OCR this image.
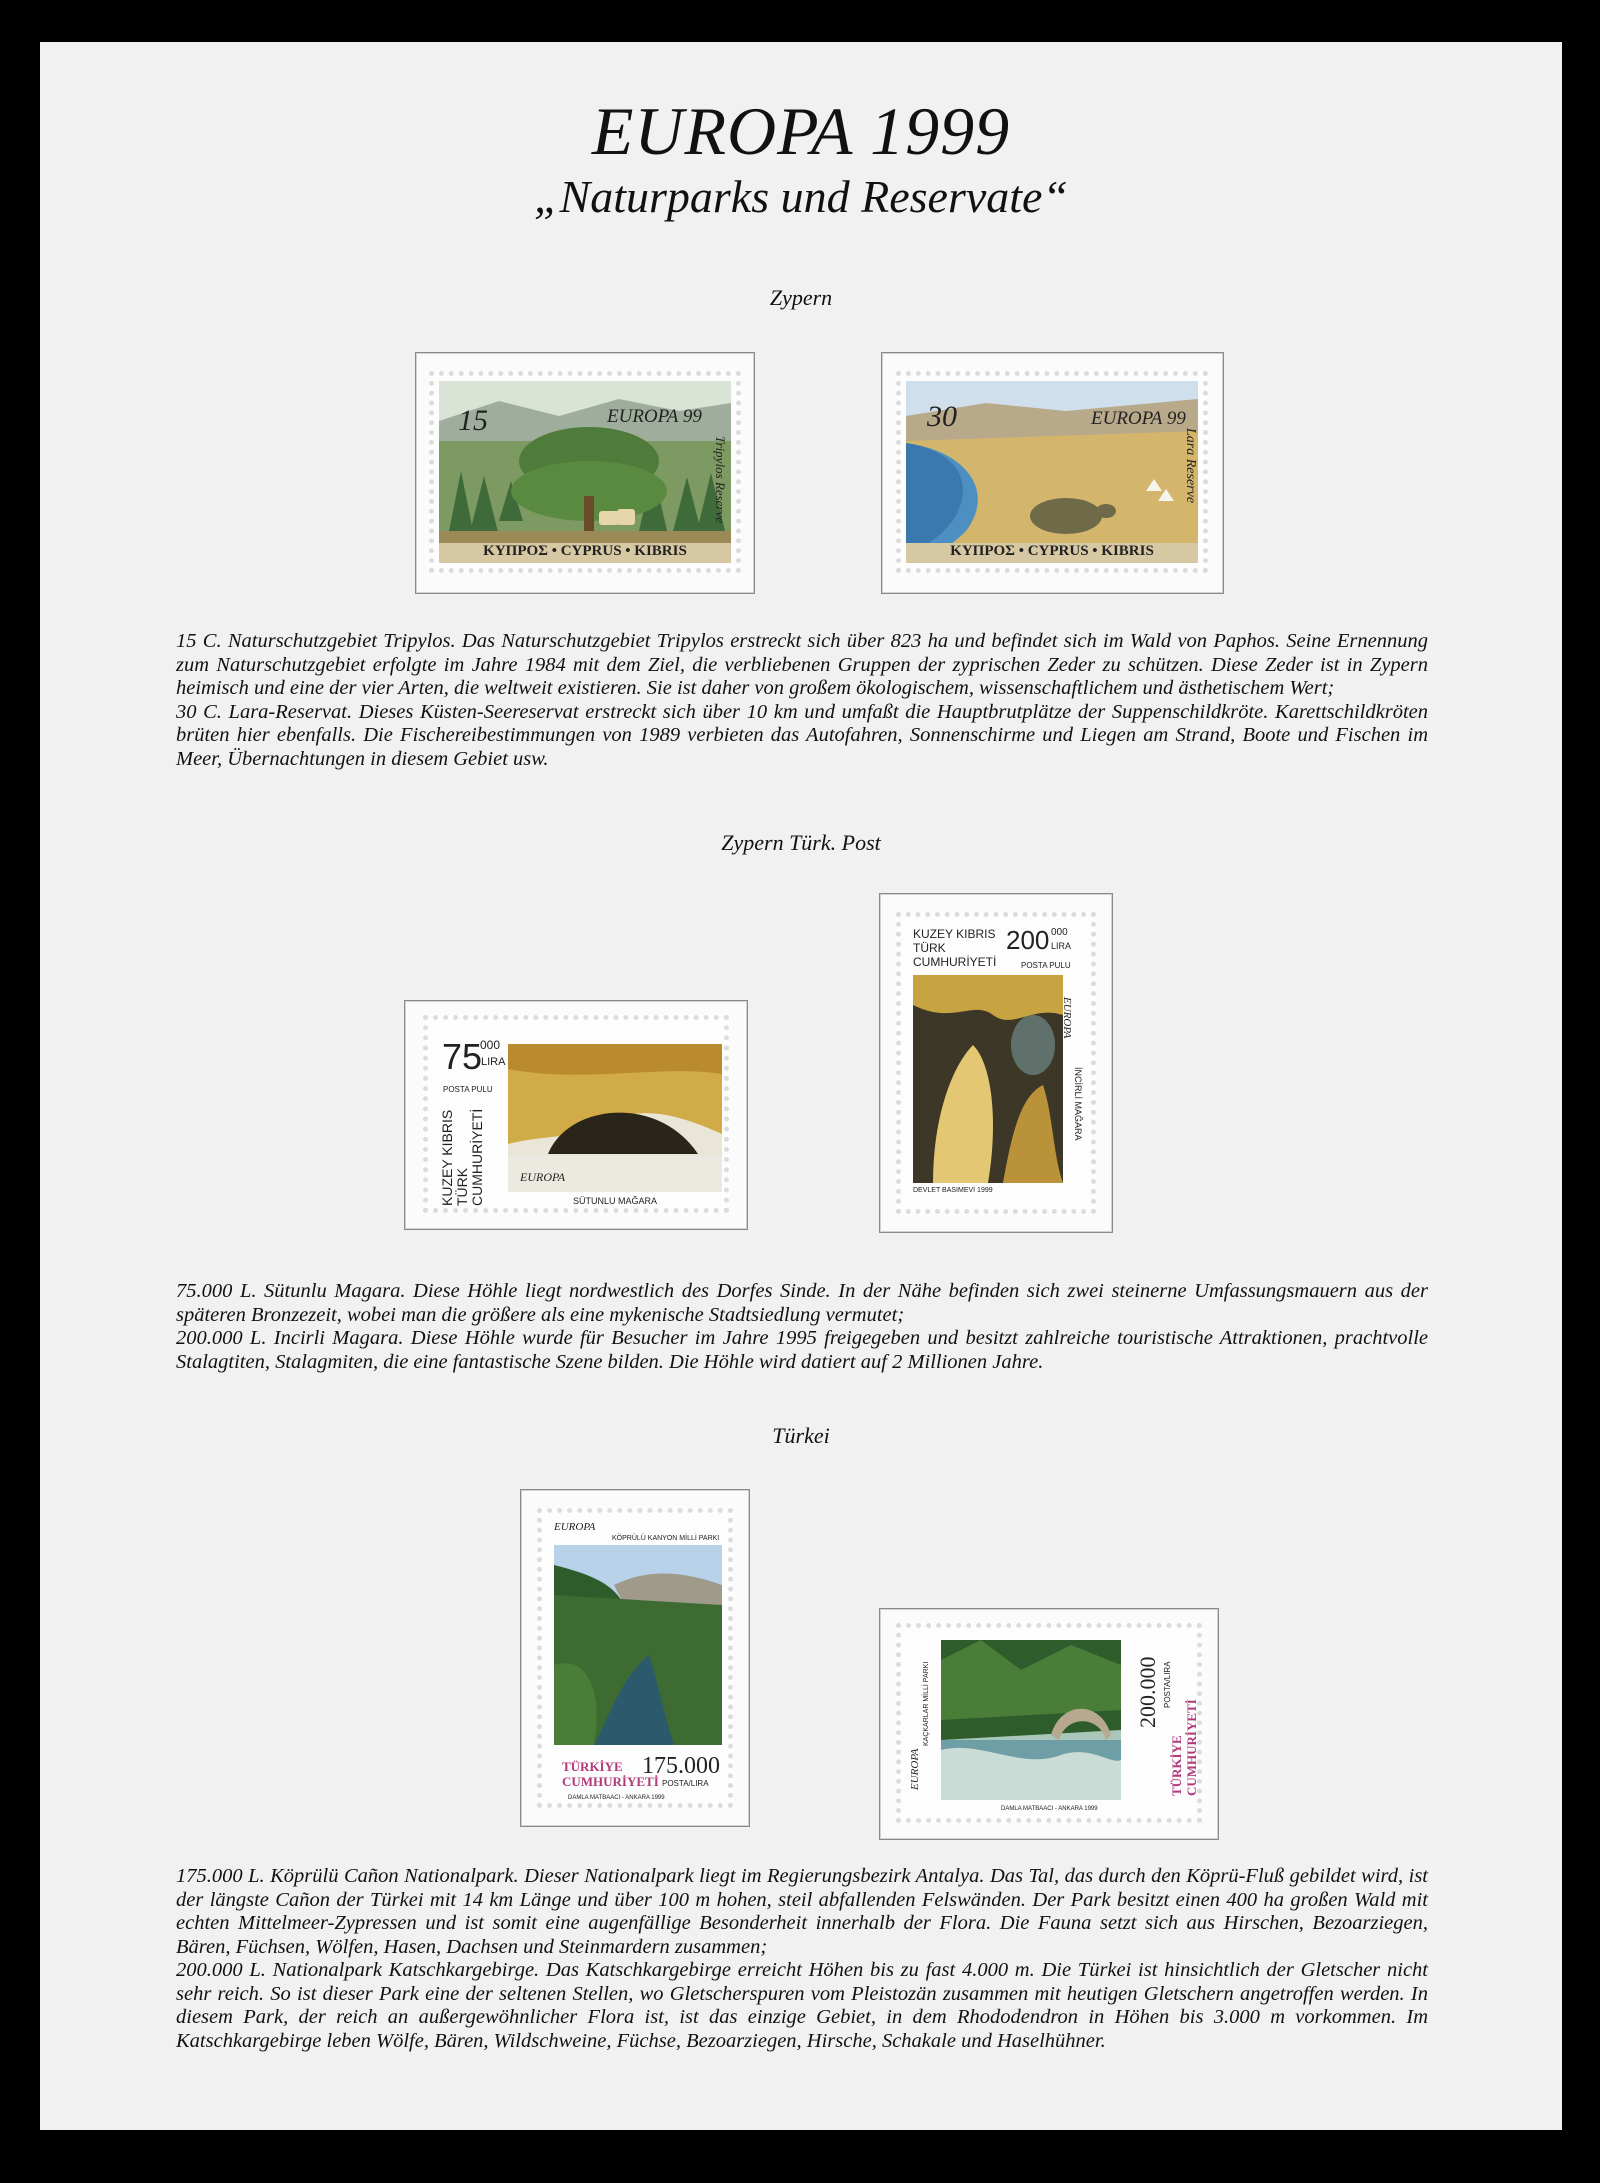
EUROPA 1999
„Naturparks und Reservate“
Zypern
15	EUROPA 99
Tripylos Reserve
ΚΥΠΡΟΣ • CYPRUS • KIBRIS
30	EUROPA 99
Lara Reserve
ΚΥΠΡΟΣ • CYPRUS • KIBRIS
15 C. Naturschutzgebiet Tripylos. Das Naturschutzgebiet Tripylos erstreckt sich über 823 ha und befindet sich im Wald von Paphos. Seine Ernennung zum Naturschutzgebiet erfolgte im Jahre 1984 mit dem Ziel, die verbliebenen Gruppen der zyprischen Zeder zu schützen. Diese Zeder ist in Zypern heimisch und eine der vier Arten, die weltweit existieren. Sie ist daher von großem ökologischem, wissenschaftlichem und ästhetischem Wert;
30 C. Lara-Reservat. Dieses Küsten-Seereservat erstreckt sich über 10 km und umfaßt die Hauptbrutplätze der Suppenschildkröte. Karettschildkröten brüten hier ebenfalls. Die Fischereibestimmungen von 1989 verbieten das Autofahren, Sonnenschirme und Liegen am Strand, Boote und Fischen im Meer, Übernachtungen in diesem Gebiet usw.
Zypern Türk. Post
75
000
LIRA
POSTA PULU
KUZEY KIBRIS TÜRK CUMHURİYETİ	EUROPA
SÜTUNLU MAĞARA
KUZEY KIBRIS
TÜRK
CUMHURİYETİ
200 000
LIRA
POSTA PULU
EUROPA
İNCİRLİ MAĞARA
DEVLET BASIMEVİ 1999
75.000 L. Sütunlu Magara. Diese Höhle liegt nordwestlich des Dorfes Sinde. In der Nähe befinden sich zwei steinerne Umfassungsmauern aus der späteren Bronzezeit, wobei man die größere als eine mykenische Stadtsiedlung vermutet;
200.000 L. Incirli Magara. Diese Höhle wurde für Besucher im Jahre 1995 freigegeben und besitzt zahlreiche touristische Attraktionen, prachtvolle Stalagtiten, Stalagmiten, die eine fantastische Szene bilden. Die Höhle wird datiert auf 2 Millionen Jahre.
Türkei
EUROPA
KÖPRÜLÜ KANYON MİLLİ PARKI
TÜRKİYE
CUMHURİYETİ
175.000
POSTA/LIRA
DAMLA MATBAACI - ANKARA 1999
EUROPA
KAÇKARLAR MİLLİ PARKI
TÜRKİYE CUMHURİYETİ
200.000 POSTA/LIRA
DAMLA MATBAACI - ANKARA 1999
175.000 L. Köprülü Cañon Nationalpark. Dieser Nationalpark liegt im Regierungsbezirk Antalya. Das Tal, das durch den Köprü-Fluß gebildet wird, ist der längste Cañon der Türkei mit 14 km Länge und über 100 m hohen, steil abfallenden Felswänden. Der Park besitzt einen 400 ha großen Wald mit echten Mittelmeer-Zypressen und ist somit eine augenfällige Besonderheit innerhalb der Flora. Die Fauna setzt sich aus Hirschen, Bezoarziegen, Bären, Füchsen, Wölfen, Hasen, Dachsen und Steinmardern zusammen;
200.000 L. Nationalpark Katschkargebirge. Das Katschkargebirge erreicht Höhen bis zu fast 4.000 m. Die Türkei ist hinsichtlich der Gletscher nicht sehr reich. So ist dieser Park eine der seltenen Stellen, wo Gletscherspuren vom Pleistozän zusammen mit heutigen Gletschern angetroffen werden. In diesem Park, der reich an außergewöhnlicher Flora ist, ist das einzige Gebiet, in dem Rhododendron in Höhen bis 3.000 m vorkommen. Im Katschkargebirge leben Wölfe, Bären, Wildschweine, Füchse, Bezoarziegen, Hirsche, Schakale und Haselhühner.
